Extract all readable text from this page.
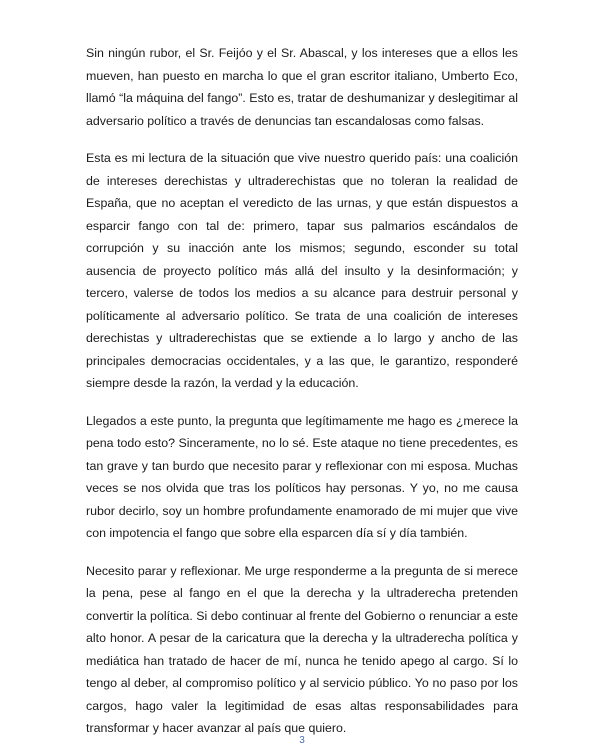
Sin ningún rubor, el Sr. Feijóo y el Sr. Abascal, y los intereses que a ellos les mueven, han puesto en marcha lo que el gran escritor italiano, Umberto Eco, llamó “la máquina del fango”. Esto es, tratar de deshumanizar y deslegitimar al adversario político a través de denuncias tan escandalosas como falsas.

Esta es mi lectura de la situación que vive nuestro querido país: una coalición de intereses derechistas y ultraderechistas que no toleran la realidad de España, que no aceptan el veredicto de las urnas, y que están dispuestos a esparcir fango con tal de: primero, tapar sus palmarios escándalos de corrupción y su inacción ante los mismos; segundo, esconder su total ausencia de proyecto político más allá del insulto y la desinformación; y tercero, valerse de todos los medios a su alcance para destruir personal y políticamente al adversario político. Se trata de una coalición de intereses derechistas y ultraderechistas que se extiende a lo largo y ancho de las principales democracias occidentales, y a las que, le garantizo, responderé siempre desde la razón, la verdad y la educación.

Llegados a este punto, la pregunta que legítimamente me hago es ¿merece la pena todo esto? Sinceramente, no lo sé. Este ataque no tiene precedentes, es tan grave y tan burdo que necesito parar y reflexionar con mi esposa. Muchas veces se nos olvida que tras los políticos hay personas. Y yo, no me causa rubor decirlo, soy un hombre profundamente enamorado de mi mujer que vive con impotencia el fango que sobre ella esparcen día sí y día también.

Necesito parar y reflexionar. Me urge responderme a la pregunta de si merece la pena, pese al fango en el que la derecha y la ultraderecha pretenden convertir la política. Si debo continuar al frente del Gobierno o renunciar a este alto honor. A pesar de la caricatura que la derecha y la ultraderecha política y mediática han tratado de hacer de mí, nunca he tenido apego al cargo. Sí lo tengo al deber, al compromiso político y al servicio público. Yo no paso por los cargos, hago valer la legitimidad de esas altas responsabilidades para transformar y hacer avanzar al país que quiero.

3
